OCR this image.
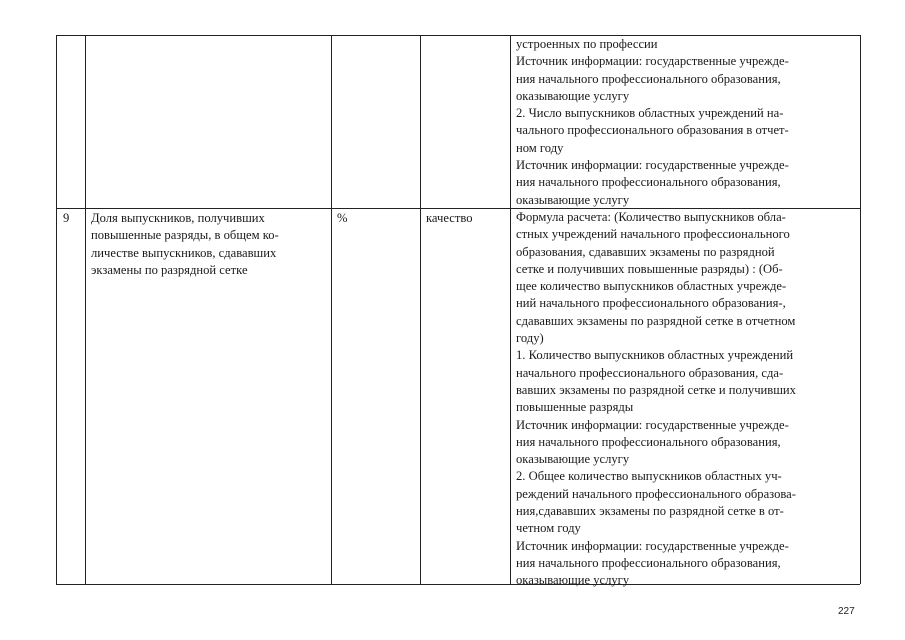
устроенных по профессии
Источник информации: государственные учрежде-
ния начального профессионального образования,
оказывающие услугу
2. Число выпускников областных учреждений на-
чального профессионального образования в отчет-
ном году
Источник информации: государственные учрежде-
ния начального профессионального образования,
оказывающие услугу
9 Доля выпускников, получивших
повышенные разряды, в общем ко-
личестве выпускников, сдававших
экзамены по разрядной сетке
%	качество	Формула расчета: (Количество выпускников обла-
стных учреждений начального профессионального
образования, сдававших экзамены по разрядной
сетке и получивших повышенные разряды) : (Об-
щее количество выпускников областных учрежде-
ний начального профессионального образования-,
сдававших экзамены по разрядной сетке в отчетном
году)
1. Количество выпускников областных учреждений
начального профессионального образования, сда-
вавших экзамены по разрядной сетке и получивших
повышенные разряды
Источник информации: государственные учрежде-
ния начального профессионального образования,
оказывающие услугу
2. Общее количество выпускников областных уч-
реждений начального профессионального образова-
ния,сдававших экзамены по разрядной сетке в от-
четном году
Источник информации: государственные учрежде-
ния начального профессионального образования,
оказывающие услугу
227
